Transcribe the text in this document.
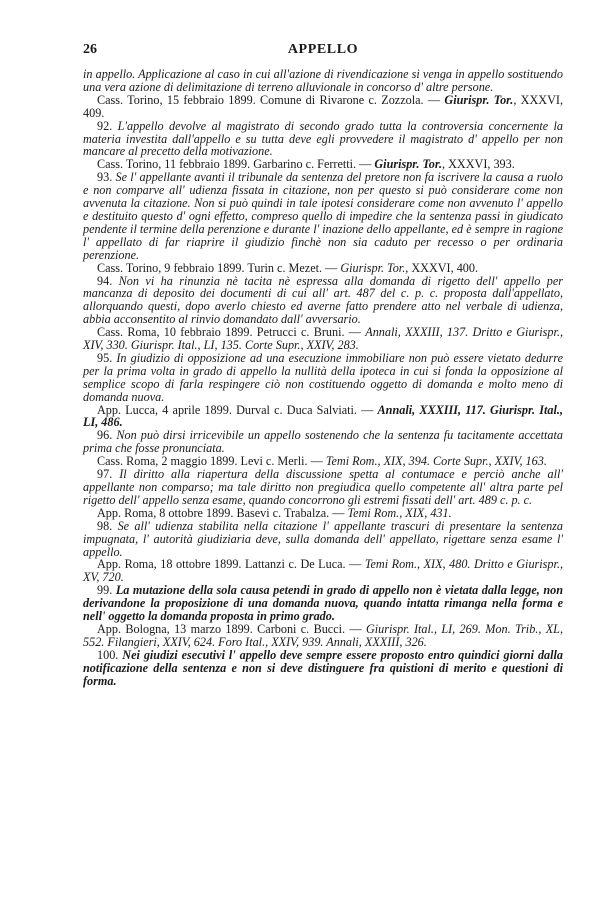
26	APPELLO

in appello. Applicazione al caso in cui all'azione di rivendicazione si venga in appello sostituendo una vera azione di delimitazione di terreno alluvionale in concorso d' altre persone.

Cass. Torino, 15 febbraio 1899. Comune di Rivarone c. Zozzola. — Giurispr. Tor., XXXVI, 409.

92. L'appello devolve al magistrato di secondo grado tutta la controversia concernente la materia investita dall'appello e su tutta deve egli provvedere il magistrato d' appello per non mancare al precetto della motivazione.

Cass. Torino, 11 febbraio 1899. Garbarino c. Ferretti. — Giurispr. Tor., XXXVI, 393.

93. Se l' appellante avanti il tribunale da sentenza del pretore non fa iscrivere la causa a ruolo e non comparve all' udienza fissata in citazione, non per questo si può considerare come non avvenuta la citazione. Non si può quindi in tale ipotesi considerare come non avvenuto l' appello e destituito questo d' ogni effetto, compreso quello di impedire che la sentenza passi in giudicato pendente il termine della perenzione e durante l' inazione dello appellante, ed è sempre in ragione l' appellato di far riaprire il giudizio finchè non sia caduto per recesso o per ordinaria perenzione.

Cass. Torino, 9 febbraio 1899. Turin c. Mezet. — Giurispr. Tor., XXXVI, 400.

94. Non vi ha rinunzia nè tacita nè espressa alla domanda di rigetto dell' appello per mancanza di deposito dei documenti di cui all' art. 487 del c. p. c. proposta dall'appellato, allorquando questi, dopo averlo chiesto ed averne fatto prendere atto nel verbale di udienza, abbia acconsentito al rinvio domandato dall' avversario.

Cass. Roma, 10 febbraio 1899. Petrucci c. Bruni. — Annali, XXXIII, 137. Dritto e Giurispr., XIV, 330. Giurispr. Ital., LI, 135. Corte Supr., XXIV, 283.

95. In giudizio di opposizione ad una esecuzione immobiliare non può essere vietato dedurre per la prima volta in grado di appello la nullità della ipoteca in cui si fonda la opposizione al semplice scopo di farla respingere ciò non costituendo oggetto di domanda e molto meno di domanda nuova.

App. Lucca, 4 aprile 1899. Durval c. Duca Salviati. — Annali, XXXIII, 117. Giurispr. Ital., LI, 486.

96. Non può dirsi irricevibile un appello sostenendo che la sentenza fu tacitamente accettata prima che fosse pronunciata.

Cass. Roma, 2 maggio 1899. Levi c. Merli. — Temi Rom., XIX, 394. Corte Supr., XXIV, 163.

97. Il diritto alla riapertura della discussione spetta al contumace e perciò anche all' appellante non comparso; ma tale diritto non pregiudica quello competente all' altra parte pel rigetto dell' appello senza esame, quando concorrono gli estremi fissati dell' art. 489 c. p. c.

App. Roma, 8 ottobre 1899. Basevi c. Trabalza. — Temi Rom., XIX, 431.

98. Se all' udienza stabilita nella citazione l' appellante trascuri di presentare la sentenza impugnata, l' autorità giudiziaria deve, sulla domanda dell' appellato, rigettare senza esame l' appello.

App. Roma, 18 ottobre 1899. Lattanzi c. De Luca. — Temi Rom., XIX, 480. Dritto e Giurispr., XV, 720.

99. La mutazione della sola causa petendi in grado di appello non è vietata dalla legge, non derivandone la proposizione di una domanda nuova, quando intatta rimanga nella forma e nell' oggetto la domanda proposta in primo grado.

App. Bologna, 13 marzo 1899. Carboni c. Bucci. — Giurispr. Ital., LI, 269. Mon. Trib., XL, 552. Filangieri, XXIV, 624. Foro Ital., XXIV, 939. Annali, XXXIII, 326.

100. Nei giudizi esecutivi l' appello deve sempre essere proposto entro quindici giorni dalla notificazione della sentenza e non si deve distinguere fra quistioni di merito e questioni di forma.
